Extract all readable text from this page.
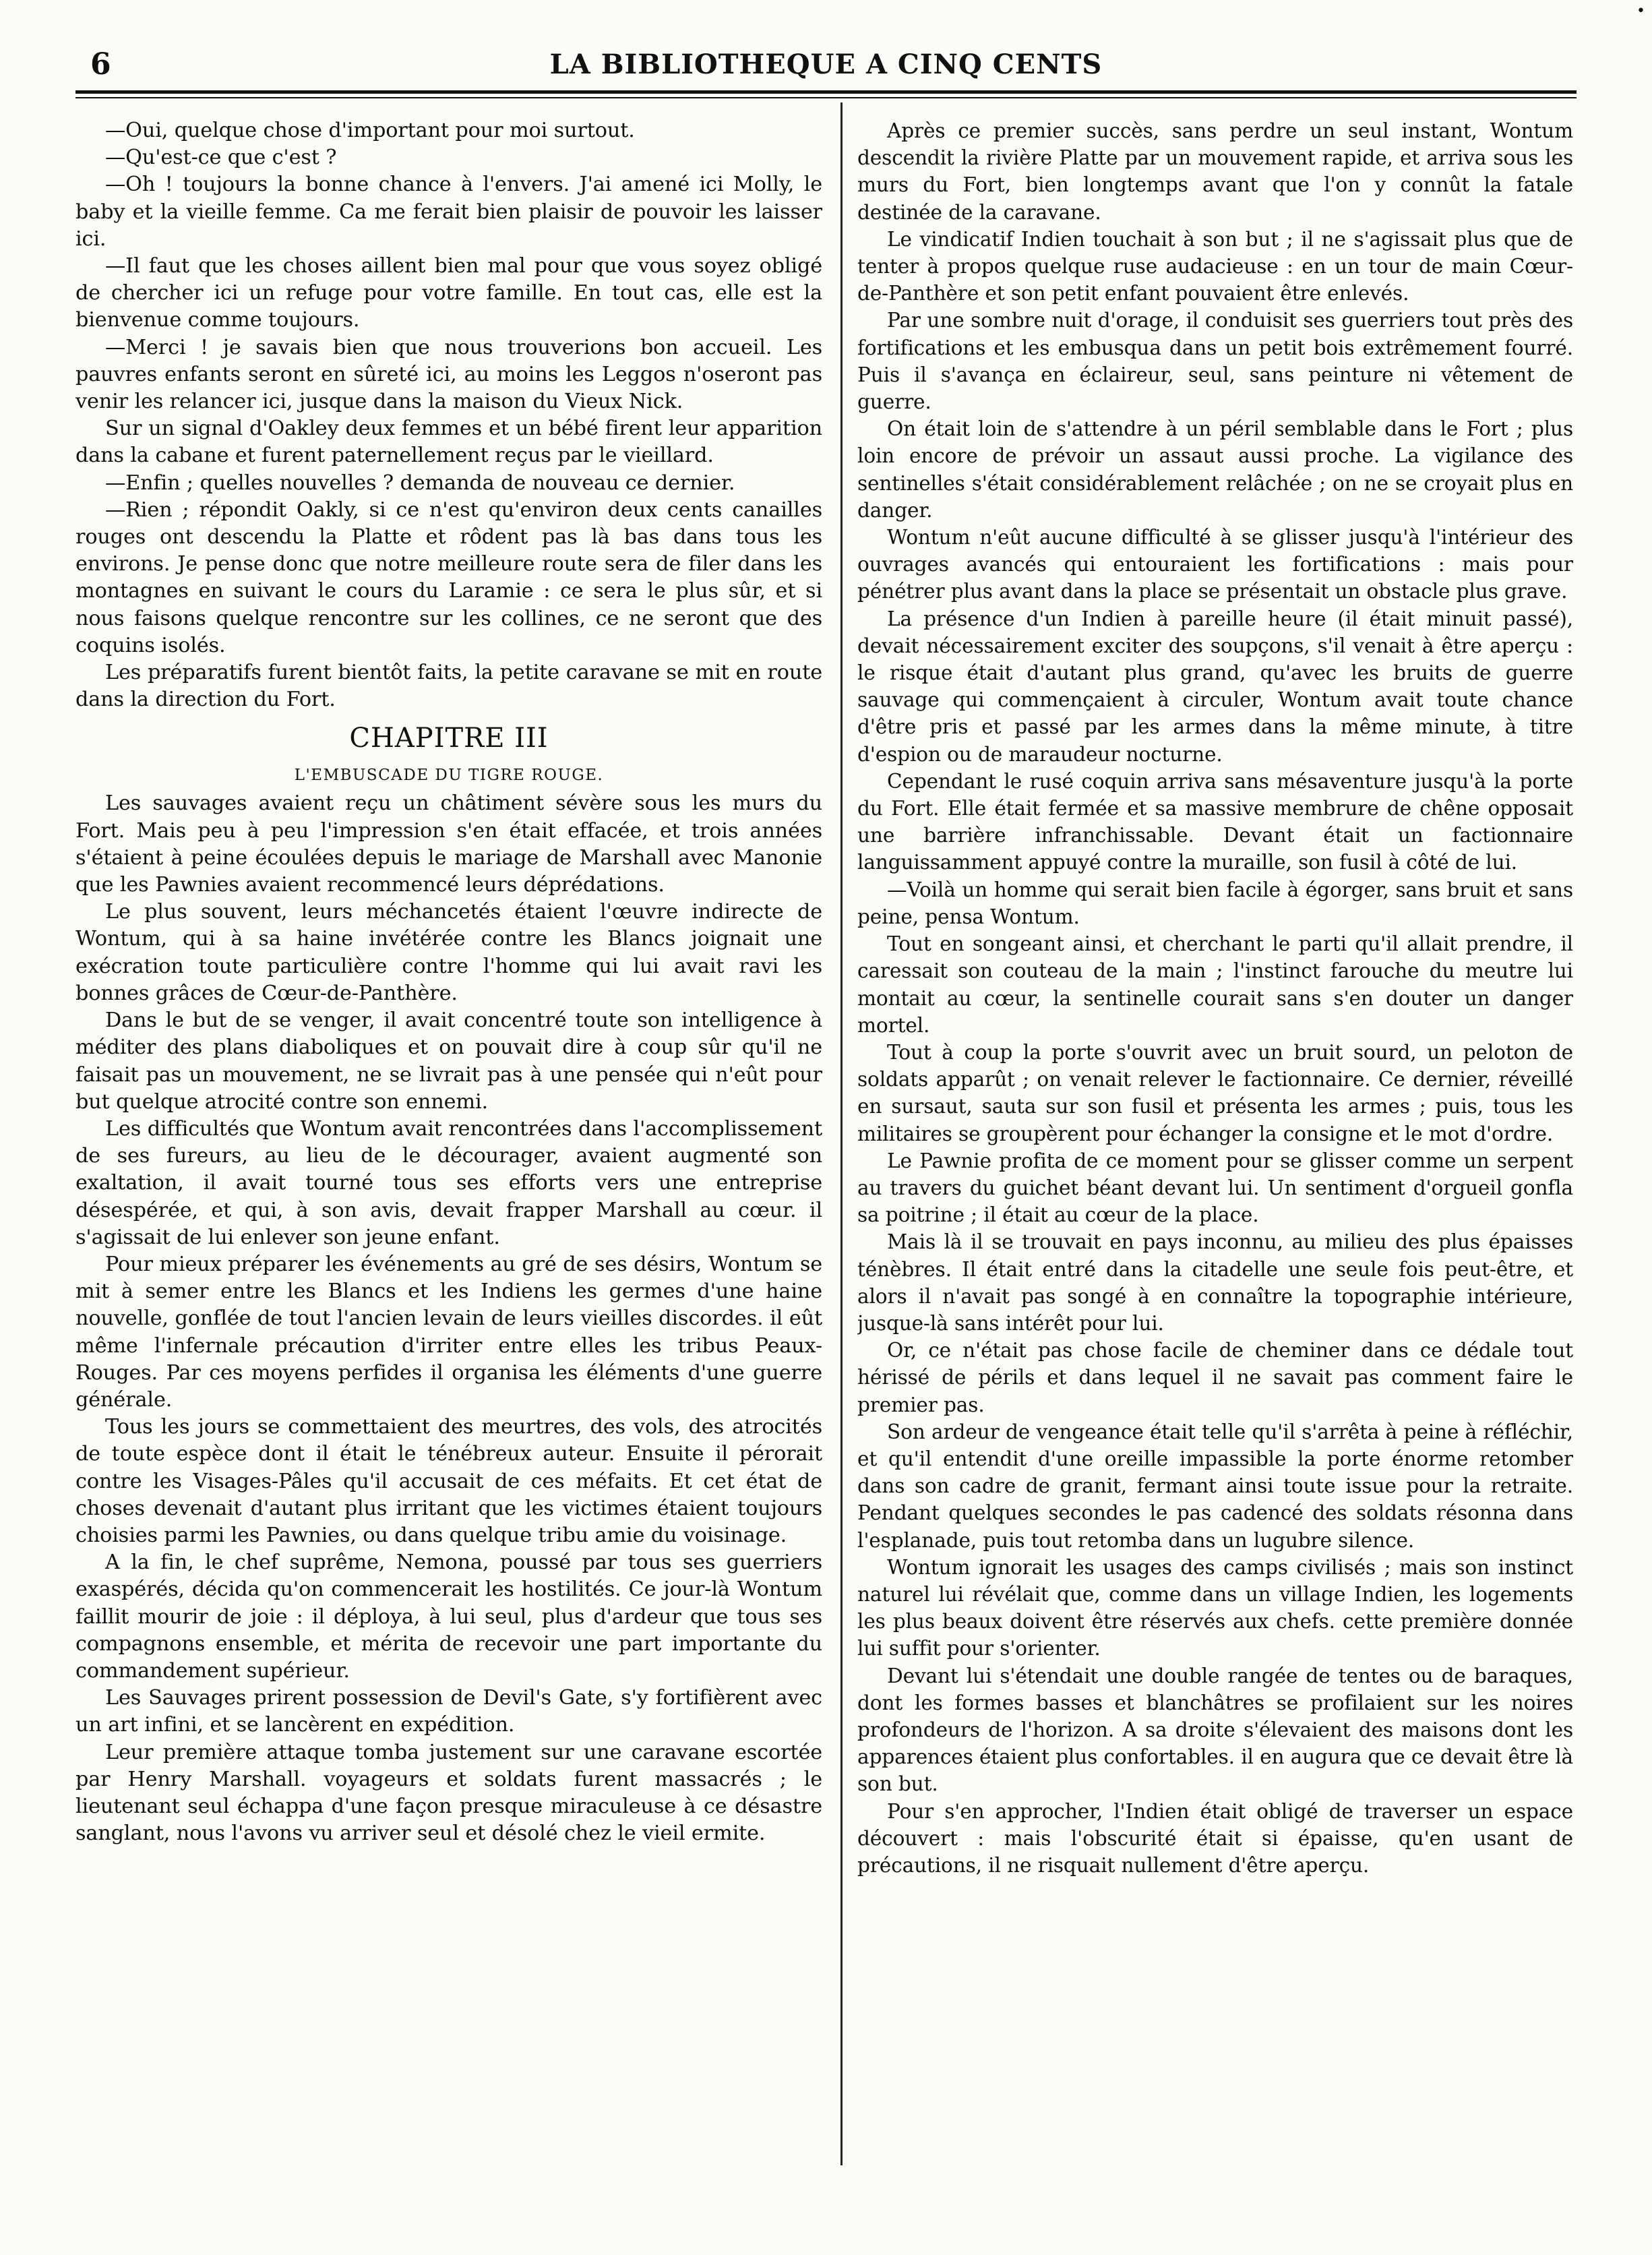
•
6	LA BIBLIOTHEQUE A CINQ CENTS

—Oui, quelque chose d'important pour moi surtout.

—Qu'est-ce que c'est ?

—Oh ! toujours la bonne chance à l'envers. J'ai amené ici Molly, le baby et la vieille femme. Ca me ferait bien plaisir de pouvoir les laisser ici.

—Il faut que les choses aillent bien mal pour que vous soyez obligé de chercher ici un refuge pour votre famille. En tout cas, elle est la bienvenue comme toujours.

—Merci ! je savais bien que nous trouverions bon accueil. Les pauvres enfants seront en sûreté ici, au moins les Leggos n'oseront pas venir les relancer ici, jusque dans la maison du Vieux Nick.

Sur un signal d'Oakley deux femmes et un bébé firent leur apparition dans la cabane et furent paternellement reçus par le vieillard.

—Enfin ; quelles nouvelles ? demanda de nouveau ce dernier.

—Rien ; répondit Oakly, si ce n'est qu'environ deux cents canailles rouges ont descendu la Platte et rôdent pas là bas dans tous les environs. Je pense donc que notre meilleure route sera de filer dans les montagnes en suivant le cours du Laramie : ce sera le plus sûr, et si nous faisons quelque rencontre sur les collines, ce ne seront que des coquins isolés.

Les préparatifs furent bientôt faits, la petite caravane se mit en route dans la direction du Fort.

CHAPITRE III
L'EMBUSCADE DU TIGRE ROUGE.

Les sauvages avaient reçu un châtiment sévère sous les murs du Fort. Mais peu à peu l'impression s'en était effacée, et trois années s'étaient à peine écoulées depuis le mariage de Marshall avec Manonie que les Pawnies avaient recommencé leurs déprédations.

Le plus souvent, leurs méchancetés étaient l'œuvre indirecte de Wontum, qui à sa haine invétérée contre les Blancs joignait une exécration toute particulière contre l'homme qui lui avait ravi les bonnes grâces de Cœur-de-Panthère.

Dans le but de se venger, il avait concentré toute son intelligence à méditer des plans diaboliques et on pouvait dire à coup sûr qu'il ne faisait pas un mouvement, ne se livrait pas à une pensée qui n'eût pour but quelque atrocité contre son ennemi.

Les difficultés que Wontum avait rencontrées dans l'accomplissement de ses fureurs, au lieu de le décourager, avaient augmenté son exaltation, il avait tourné tous ses efforts vers une entreprise désespérée, et qui, à son avis, devait frapper Marshall au cœur. il s'agissait de lui enlever son jeune enfant.

Pour mieux préparer les événements au gré de ses désirs, Wontum se mit à semer entre les Blancs et les Indiens les germes d'une haine nouvelle, gonflée de tout l'ancien levain de leurs vieilles discordes. il eût même l'infernale précaution d'irriter entre elles les tribus Peaux-Rouges. Par ces moyens perfides il organisa les éléments d'une guerre générale.

Tous les jours se commettaient des meurtres, des vols, des atrocités de toute espèce dont il était le ténébreux auteur. Ensuite il pérorait contre les Visages-Pâles qu'il accusait de ces méfaits. Et cet état de choses devenait d'autant plus irritant que les victimes étaient toujours choisies parmi les Pawnies, ou dans quelque tribu amie du voisinage.

A la fin, le chef suprême, Nemona, poussé par tous ses guerriers exaspérés, décida qu'on commencerait les hostilités. Ce jour-là Wontum faillit mourir de joie : il déploya, à lui seul, plus d'ardeur que tous ses compagnons ensemble, et mérita de recevoir une part importante du commandement supérieur.

Les Sauvages prirent possession de Devil's Gate, s'y fortifièrent avec un art infini, et se lancèrent en expédition.

Leur première attaque tomba justement sur une caravane escortée par Henry Marshall. voyageurs et soldats furent massacrés ; le lieutenant seul échappa d'une façon presque miraculeuse à ce désastre sanglant, nous l'avons vu arriver seul et désolé chez le vieil ermite.

Après ce premier succès, sans perdre un seul instant, Wontum descendit la rivière Platte par un mouvement rapide, et arriva sous les murs du Fort, bien longtemps avant que l'on y connût la fatale destinée de la caravane.

Le vindicatif Indien touchait à son but ; il ne s'agissait plus que de tenter à propos quelque ruse audacieuse : en un tour de main Cœur-de-Panthère et son petit enfant pouvaient être enlevés.

Par une sombre nuit d'orage, il conduisit ses guerriers tout près des fortifications et les embusqua dans un petit bois extrêmement fourré. Puis il s'avança en éclaireur, seul, sans peinture ni vêtement de guerre.

On était loin de s'attendre à un péril semblable dans le Fort ; plus loin encore de prévoir un assaut aussi proche. La vigilance des sentinelles s'était considérablement relâchée ; on ne se croyait plus en danger.

Wontum n'eût aucune difficulté à se glisser jusqu'à l'intérieur des ouvrages avancés qui entouraient les fortifications : mais pour pénétrer plus avant dans la place se présentait un obstacle plus grave.

La présence d'un Indien à pareille heure (il était minuit passé), devait nécessairement exciter des soupçons, s'il venait à être aperçu : le risque était d'autant plus grand, qu'avec les bruits de guerre sauvage qui commençaient à circuler, Wontum avait toute chance d'être pris et passé par les armes dans la même minute, à titre d'espion ou de maraudeur nocturne.

Cependant le rusé coquin arriva sans mésaventure jusqu'à la porte du Fort. Elle était fermée et sa massive membrure de chêne opposait une barrière infranchissable. Devant était un factionnaire languissamment appuyé contre la muraille, son fusil à côté de lui.

—Voilà un homme qui serait bien facile à égorger, sans bruit et sans peine, pensa Wontum.

Tout en songeant ainsi, et cherchant le parti qu'il allait prendre, il caressait son couteau de la main ; l'instinct farouche du meutre lui montait au cœur, la sentinelle courait sans s'en douter un danger mortel.

Tout à coup la porte s'ouvrit avec un bruit sourd, un peloton de soldats apparût ; on venait relever le factionnaire. Ce dernier, réveillé en sursaut, sauta sur son fusil et présenta les armes ; puis, tous les militaires se groupèrent pour échanger la consigne et le mot d'ordre.

Le Pawnie profita de ce moment pour se glisser comme un serpent au travers du guichet béant devant lui. Un sentiment d'orgueil gonfla sa poitrine ; il était au cœur de la place.

Mais là il se trouvait en pays inconnu, au milieu des plus épaisses ténèbres. Il était entré dans la citadelle une seule fois peut-être, et alors il n'avait pas songé à en connaître la topographie intérieure, jusque-là sans intérêt pour lui.

Or, ce n'était pas chose facile de cheminer dans ce dédale tout hérissé de périls et dans lequel il ne savait pas comment faire le premier pas.

Son ardeur de vengeance était telle qu'il s'arrêta à peine à réfléchir, et qu'il entendit d'une oreille impassible la porte énorme retomber dans son cadre de granit, fermant ainsi toute issue pour la retraite. Pendant quelques secondes le pas cadencé des soldats résonna dans l'esplanade, puis tout retomba dans un lugubre silence.

Wontum ignorait les usages des camps civilisés ; mais son instinct naturel lui révélait que, comme dans un village Indien, les logements les plus beaux doivent être réservés aux chefs. cette première donnée lui suffit pour s'orienter.

Devant lui s'étendait une double rangée de tentes ou de baraques, dont les formes basses et blanchâtres se profilaient sur les noires profondeurs de l'horizon. A sa droite s'élevaient des maisons dont les apparences étaient plus confortables. il en augura que ce devait être là son but.

Pour s'en approcher, l'Indien était obligé de traverser un espace découvert : mais l'obscurité était si épaisse, qu'en usant de précautions, il ne risquait nullement d'être aperçu.
